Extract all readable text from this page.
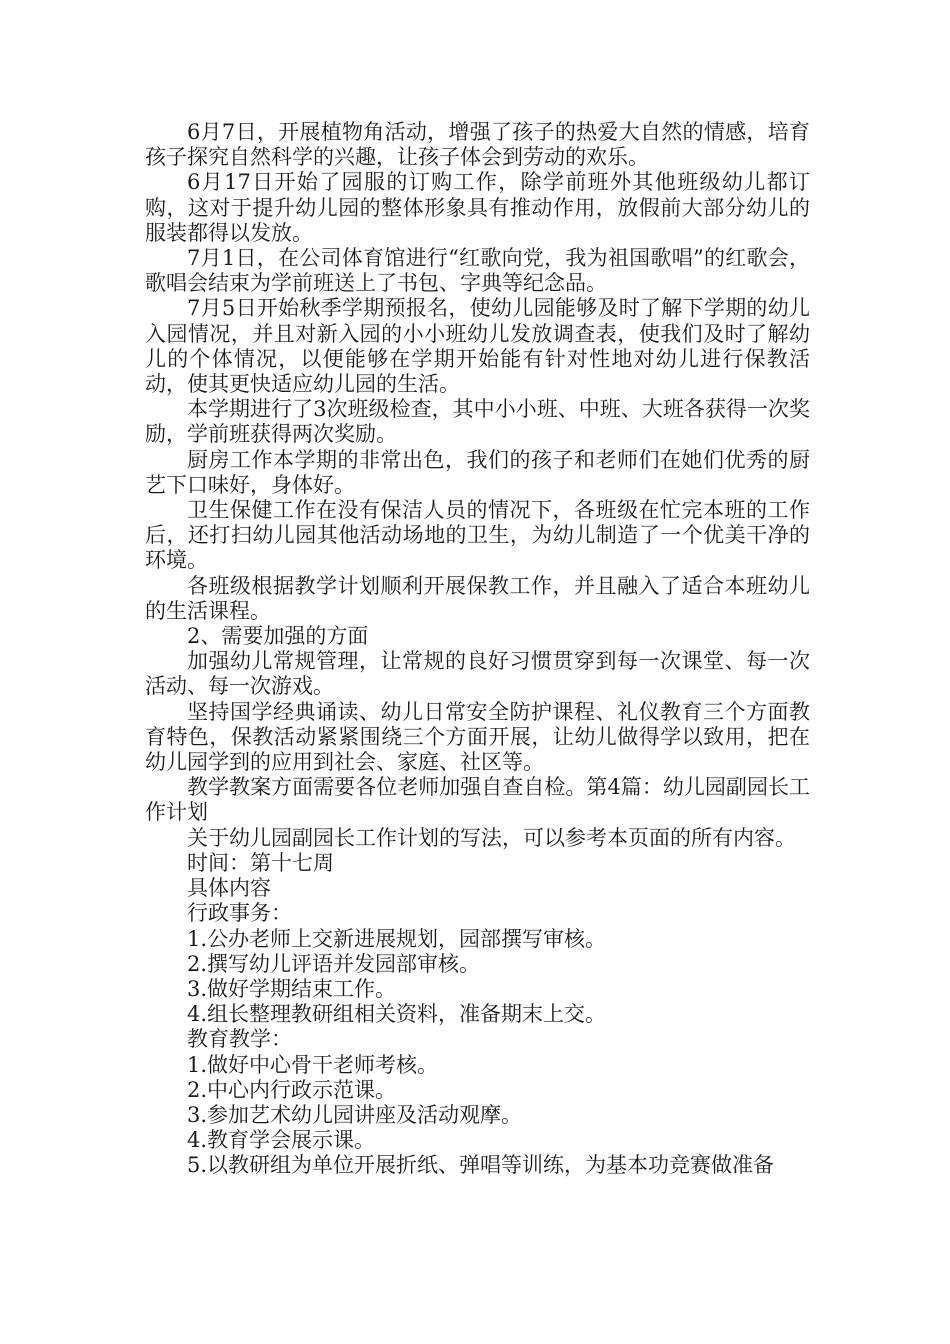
6月7日，开展植物角活动，增强了孩子的热爱大自然的情感，培育孩子探究自然科学的兴趣，让孩子体会到劳动的欢乐。

6月17日开始了园服的订购工作，除学前班外其他班级幼儿都订购，这对于提升幼儿园的整体形象具有推动作用，放假前大部分幼儿的服装都得以发放。

7月1日，在公司体育馆进行“红歌向党，我为祖国歌唱”的红歌会，歌唱会结束为学前班送上了书包、字典等纪念品。

7月5日开始秋季学期预报名，使幼儿园能够及时了解下学期的幼儿入园情况，并且对新入园的小小班幼儿发放调查表，使我们及时了解幼儿的个体情况，以便能够在学期开始能有针对性地对幼儿进行保教活动，使其更快适应幼儿园的生活。

本学期进行了3次班级检查，其中小小班、中班、大班各获得一次奖励，学前班获得两次奖励。

厨房工作本学期的非常出色，我们的孩子和老师们在她们优秀的厨艺下口味好，身体好。

卫生保健工作在没有保洁人员的情况下，各班级在忙完本班的工作后，还打扫幼儿园其他活动场地的卫生，为幼儿制造了一个优美干净的环境。

各班级根据教学计划顺利开展保教工作，并且融入了适合本班幼儿的生活课程。

2、需要加强的方面

加强幼儿常规管理，让常规的良好习惯贯穿到每一次课堂、每一次活动、每一次游戏。

坚持国学经典诵读、幼儿日常安全防护课程、礼仪教育三个方面教育特色，保教活动紧紧围绕三个方面开展，让幼儿做得学以致用，把在幼儿园学到的应用到社会、家庭、社区等。

教学教案方面需要各位老师加强自查自检。第4篇：幼儿园副园长工作计划

关于幼儿园副园长工作计划的写法，可以参考本页面的所有内容。

时间：第十七周

具体内容

行政事务：

1.公办老师上交新进展规划，园部撰写审核。

2.撰写幼儿评语并发园部审核。

3.做好学期结束工作。

4.组长整理教研组相关资料，准备期末上交。

教育教学：

1.做好中心骨干老师考核。

2.中心内行政示范课。

3.参加艺术幼儿园讲座及活动观摩。

4.教育学会展示课。

5.以教研组为单位开展折纸、弹唱等训练，为基本功竞赛做准备
